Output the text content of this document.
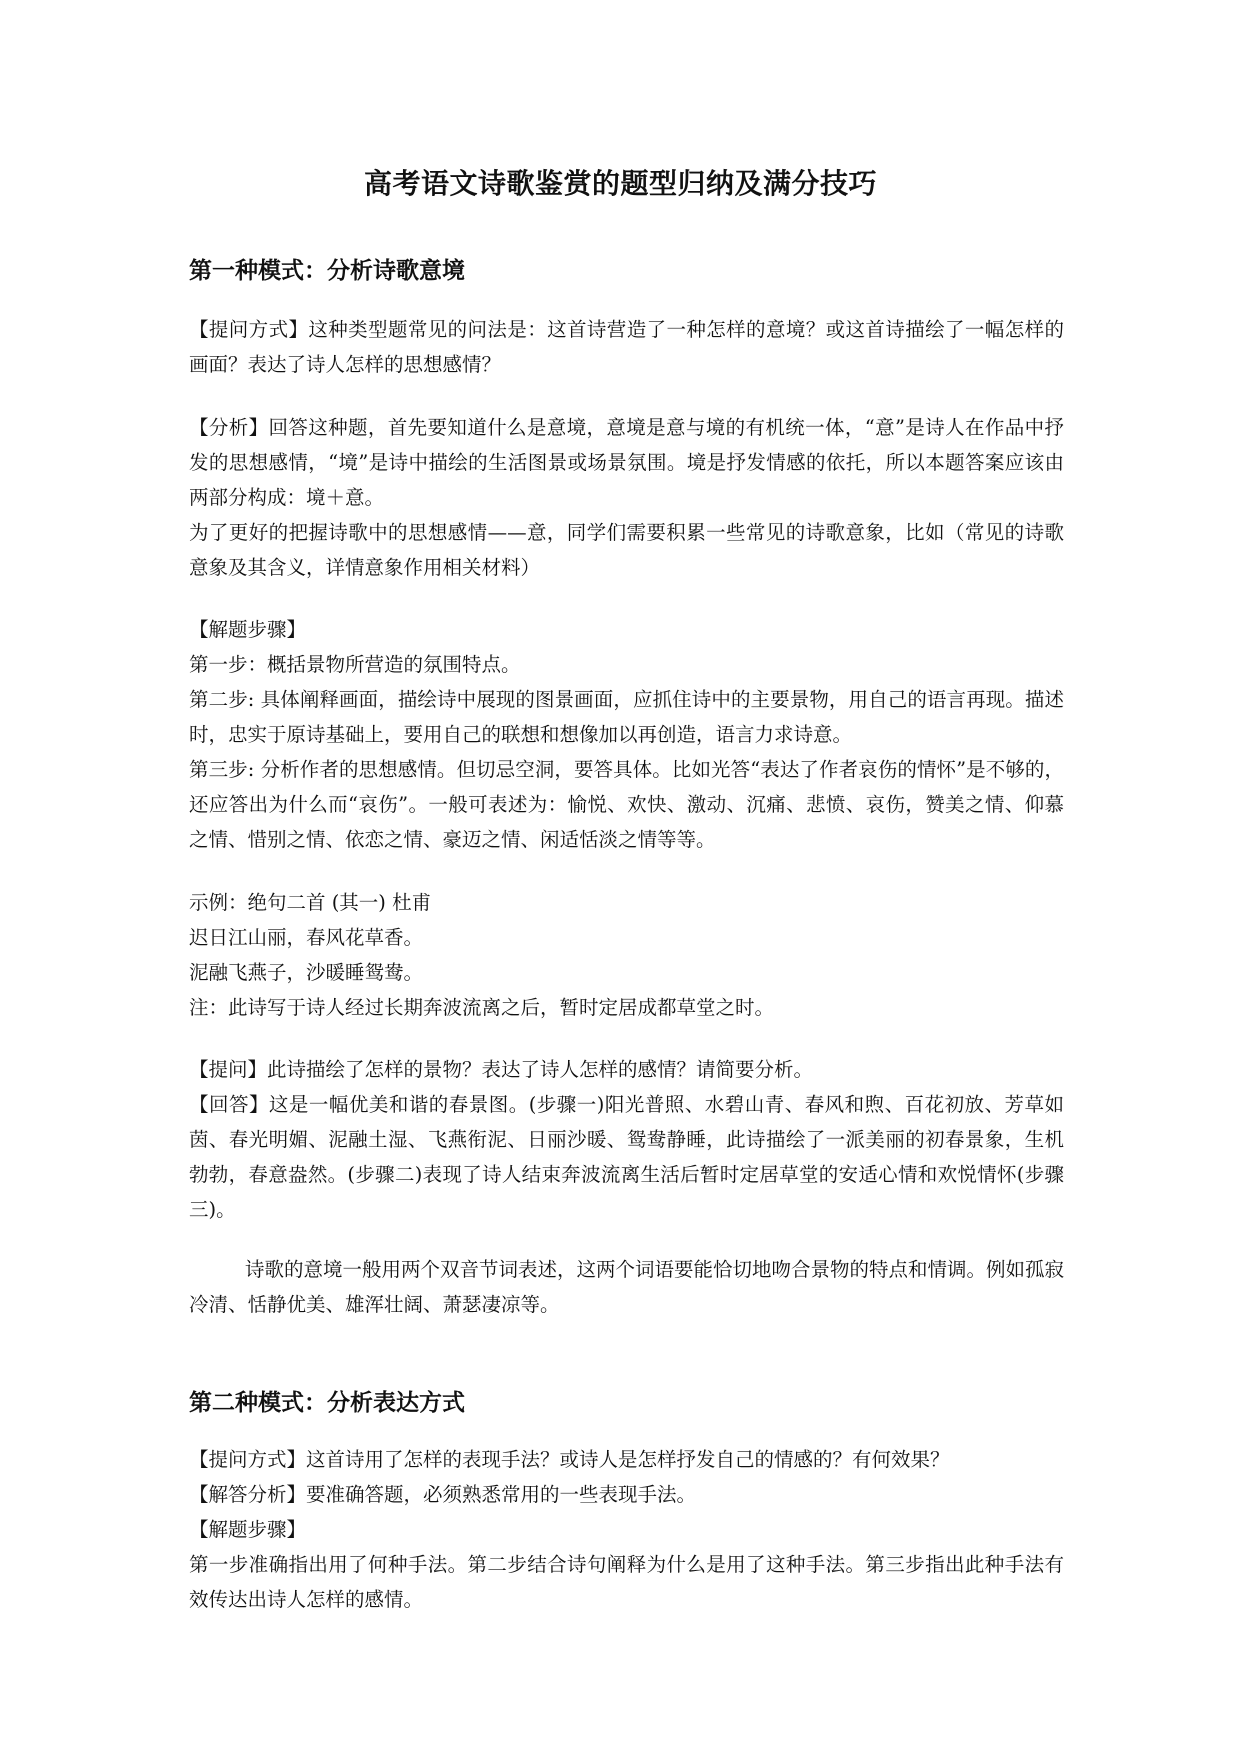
高考语文诗歌鉴赏的题型归纳及满分技巧
第一种模式：分析诗歌意境
【提问方式】这种类型题常见的问法是：这首诗营造了一种怎样的意境？或这首诗描绘了一幅怎样的画面？表达了诗人怎样的思想感情？
【分析】回答这种题，首先要知道什么是意境，意境是意与境的有机统一体，“意”是诗人在作品中抒发的思想感情，“境”是诗中描绘的生活图景或场景氛围。境是抒发情感的依托，所以本题答案应该由两部分构成：境＋意。
为了更好的把握诗歌中的思想感情——意，同学们需要积累一些常见的诗歌意象，比如（常见的诗歌意象及其含义，详情意象作用相关材料）
【解题步骤】
第一步：概括景物所营造的氛围特点。
第二步: 具体阐释画面，描绘诗中展现的图景画面，应抓住诗中的主要景物，用自己的语言再现。描述时，忠实于原诗基础上，要用自己的联想和想像加以再创造，语言力求诗意。
第三步: 分析作者的思想感情。但切忌空洞，要答具体。比如光答“表达了作者哀伤的情怀”是不够的，还应答出为什么而“哀伤”。一般可表述为：愉悦、欢快、激动、沉痛、悲愤、哀伤，赞美之情、仰慕之情、惜别之情、依恋之情、豪迈之情、闲适恬淡之情等等。
示例：绝句二首 (其一) 杜甫
迟日江山丽，春风花草香。
泥融飞燕子，沙暖睡鸳鸯。
注：此诗写于诗人经过长期奔波流离之后，暂时定居成都草堂之时。
【提问】此诗描绘了怎样的景物？表达了诗人怎样的感情？请简要分析。
【回答】这是一幅优美和谐的春景图。(步骤一)阳光普照、水碧山青、春风和煦、百花初放、芳草如茵、春光明媚、泥融土湿、飞燕衔泥、日丽沙暖、鸳鸯静睡，此诗描绘了一派美丽的初春景象，生机勃勃，春意盎然。(步骤二)表现了诗人结束奔波流离生活后暂时定居草堂的安适心情和欢悦情怀(步骤三)。
诗歌的意境一般用两个双音节词表述，这两个词语要能恰切地吻合景物的特点和情调。例如孤寂冷清、恬静优美、雄浑壮阔、萧瑟凄凉等。
第二种模式：分析表达方式
【提问方式】这首诗用了怎样的表现手法？或诗人是怎样抒发自己的情感的？有何效果？
【解答分析】要准确答题，必须熟悉常用的一些表现手法。
【解题步骤】
第一步准确指出用了何种手法。第二步结合诗句阐释为什么是用了这种手法。第三步指出此种手法有效传达出诗人怎样的感情。
